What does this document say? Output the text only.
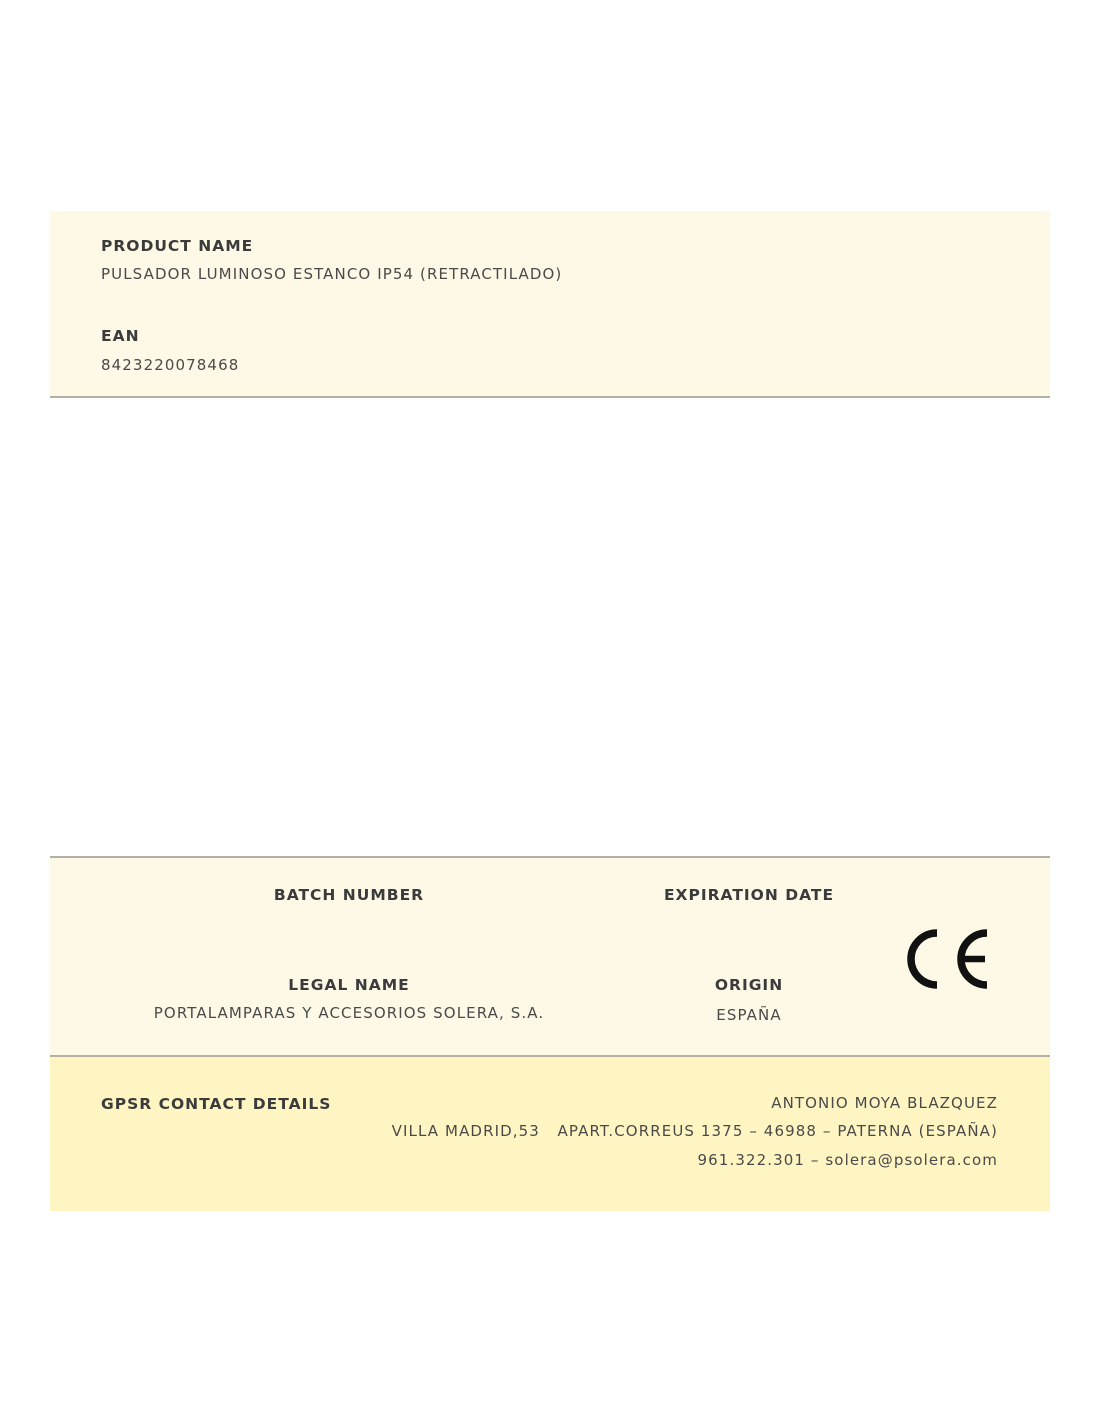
PRODUCT NAME
PULSADOR LUMINOSO ESTANCO IP54 (RETRACTILADO)
EAN
8423220078468
BATCH NUMBER	EXPIRATION DATE
LEGAL NAME
PORTALAMPARAS Y ACCESORIOS SOLERA, S.A.
ORIGIN
ESPAÑA
GPSR CONTACT DETAILS	ANTONIO MOYA BLAZQUEZ
VILLA MADRID,53   APART.CORREUS 1375 – 46988 – PATERNA (ESPAÑA)
961.322.301 – solera@psolera.com
